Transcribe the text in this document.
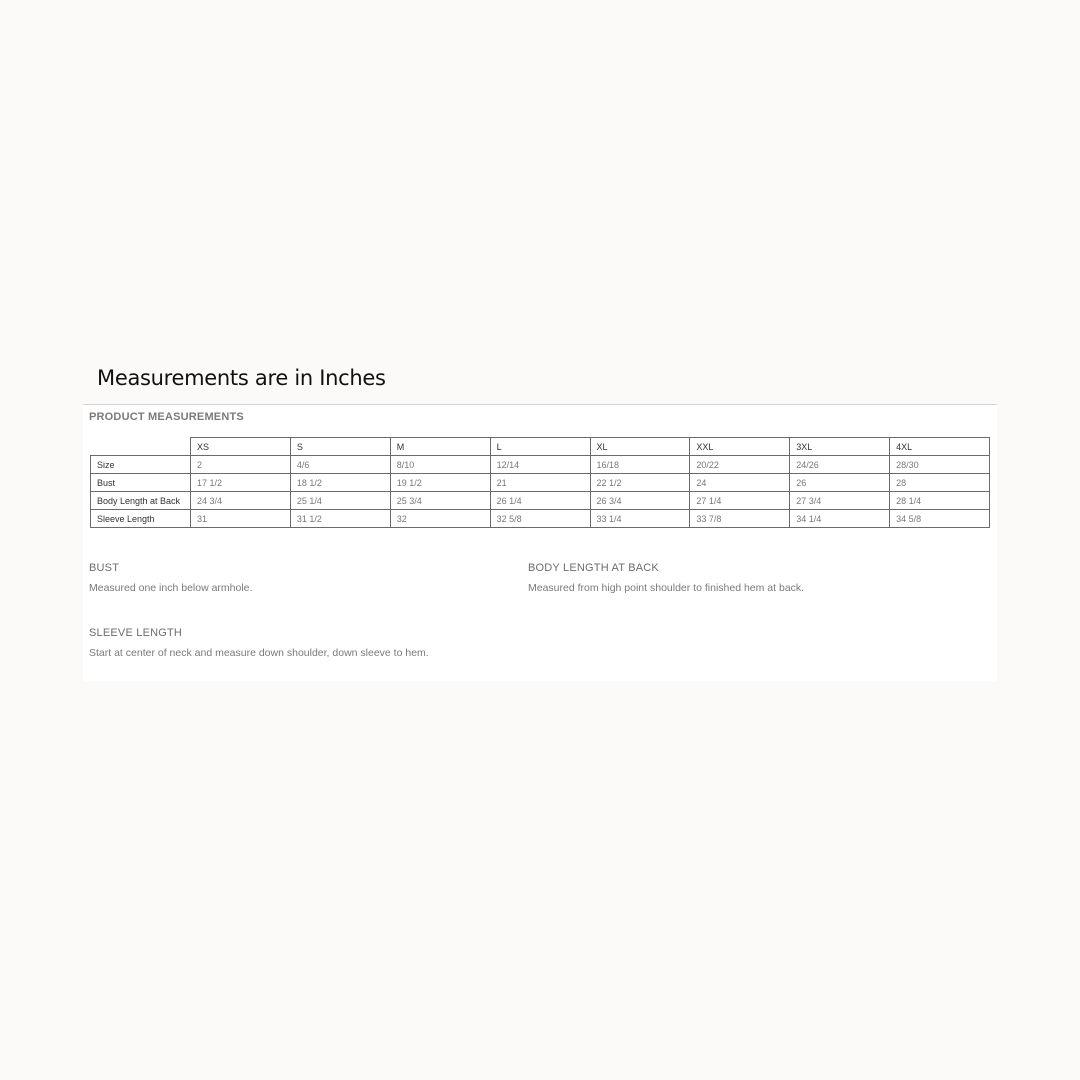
Measurements are in Inches
PRODUCT MEASUREMENTS
	XS	S	M	L	XL	XXL	3XL	4XL
Size	2	4/6	8/10	12/14	16/18	20/22	24/26	28/30
Bust	17 1/2	18 1/2	19 1/2	21	22 1/2	24	26	28
Body Length at Back	24 3/4	25 1/4	25 3/4	26 1/4	26 3/4	27 1/4	27 3/4	28 1/4
Sleeve Length	31	31 1/2	32	32 5/8	33 1/4	33 7/8	34 1/4	34 5/8
BUST
Measured one inch below armhole.
BODY LENGTH AT BACK
Measured from high point shoulder to finished hem at back.
SLEEVE LENGTH
Start at center of neck and measure down shoulder, down sleeve to hem.
